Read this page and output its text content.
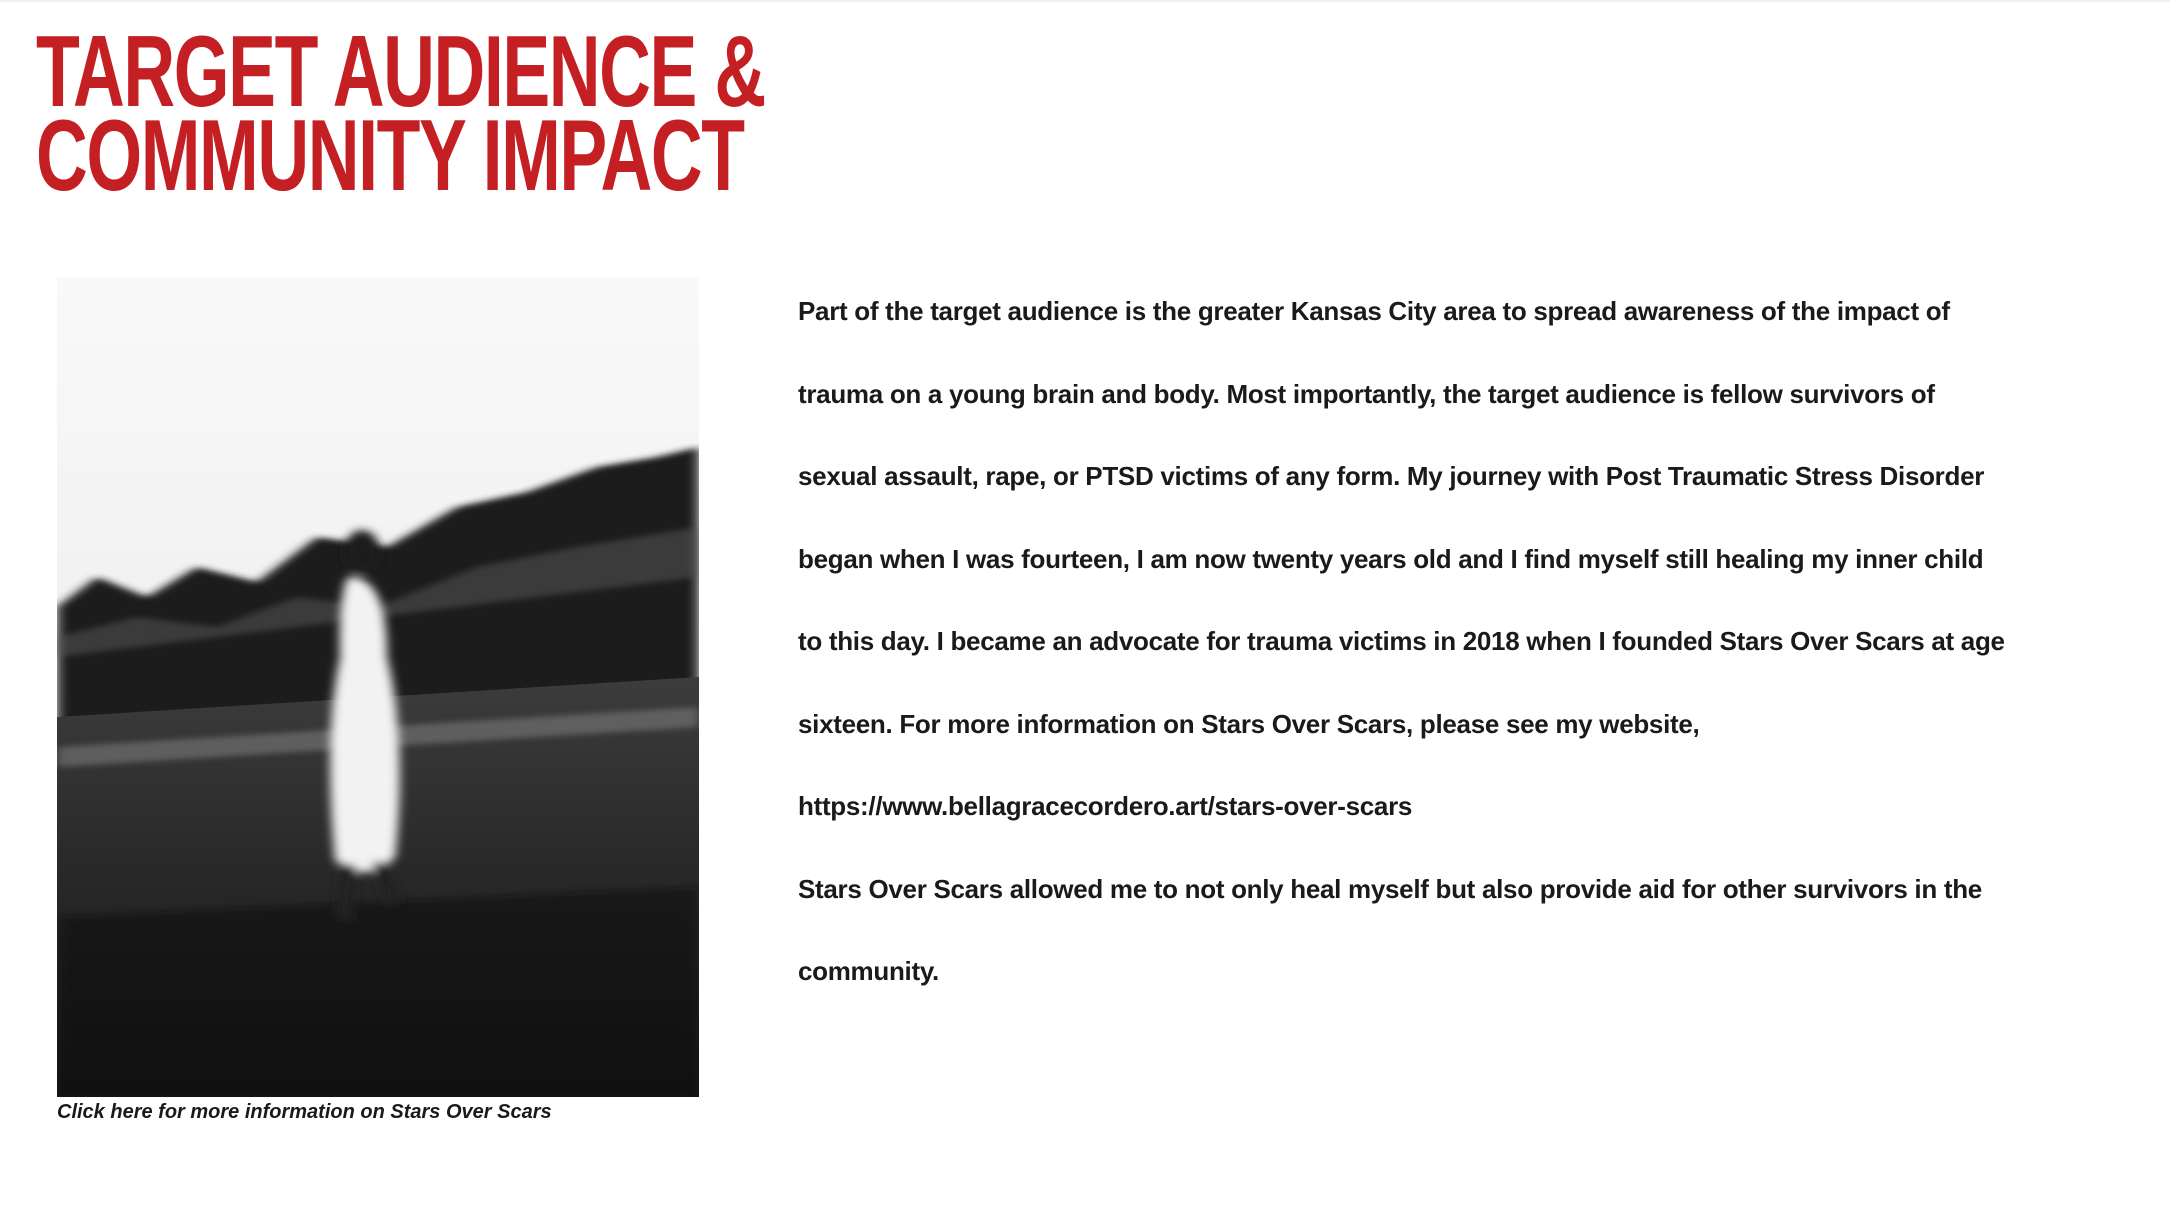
TARGET AUDIENCE &
COMMUNITY IMPACT
Click here for more information on Stars Over Scars
Part of the target audience is the greater Kansas City area to spread awareness of the impact of
trauma on a young brain and body. Most importantly, the target audience is fellow survivors of
sexual assault, rape, or PTSD victims of any form. My journey with Post Traumatic Stress Disorder
began when I was fourteen, I am now twenty years old and I find myself still healing my inner child
to this day. I became an advocate for trauma victims in 2018 when I founded Stars Over Scars at age
sixteen. For more information on Stars Over Scars, please see my website,
https://www.bellagracecordero.art/stars-over-scars
Stars Over Scars allowed me to not only heal myself but also provide aid for other survivors in the
community.
